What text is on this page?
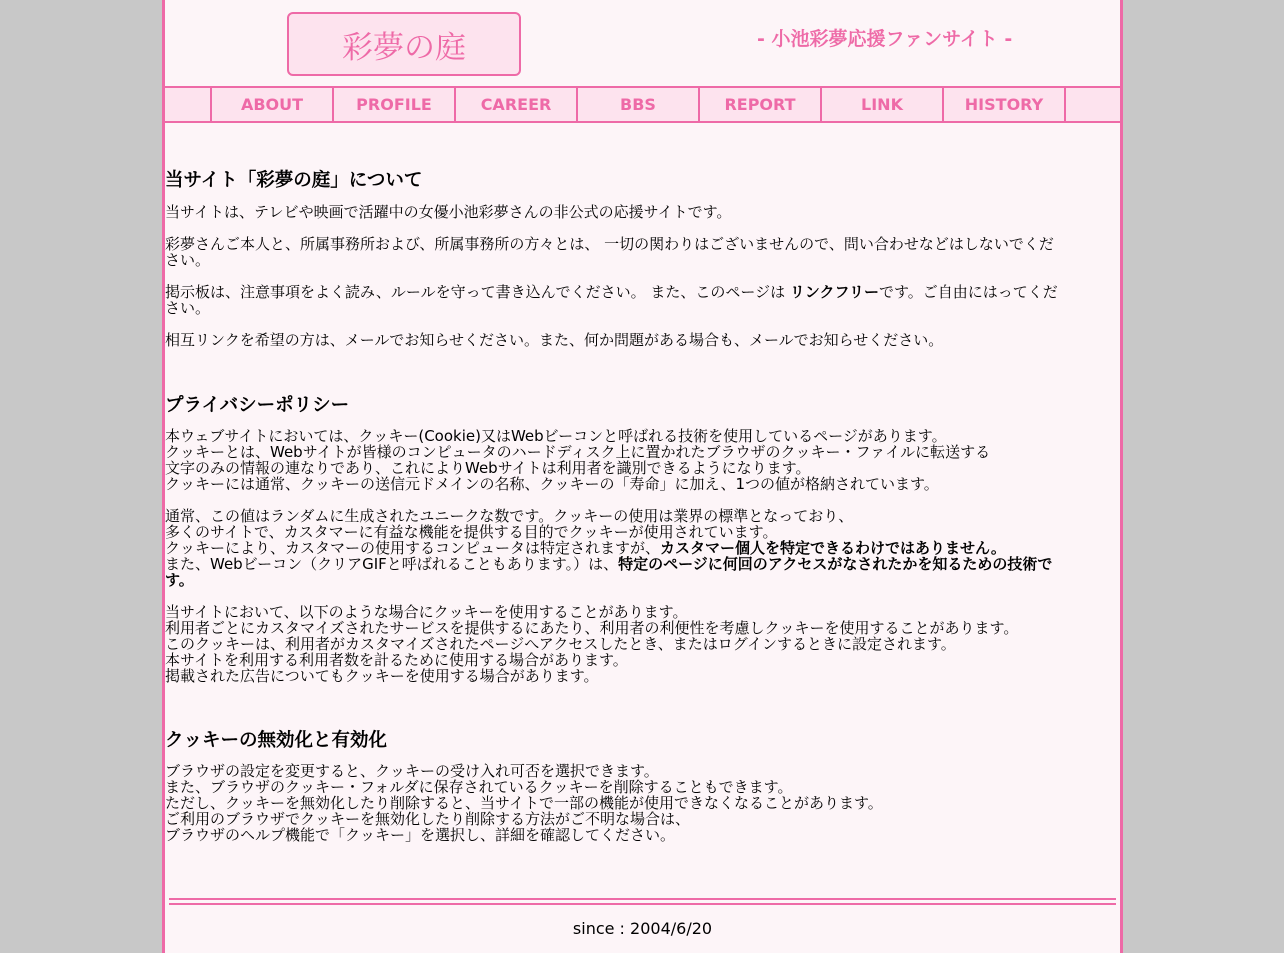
彩夢の庭	- 小池彩夢応援ファンサイト -
ABOUT	PROFILE	CAREER	BBS	REPORT	LINK	HISTORY
当サイト「彩夢の庭」について

当サイトは、テレビや映画で活躍中の女優小池彩夢さんの非公式の応援サイトです。

彩夢さんご本人と、所属事務所および、所属事務所の方々とは、 一切の関わりはございませんので、問い合わせなどはしないでくだ
さい。

掲示板は、注意事項をよく読み、ルールを守って書き込んでください。 また、このページは リンクフリーです。ご自由にはってくだ
さい。

相互リンクを希望の方は、メールでお知らせください。また、何か問題がある場合も、メールでお知らせください。

プライバシーポリシー

本ウェブサイトにおいては、クッキー(Cookie)又はWebビーコンと呼ばれる技術を使用しているページがあります。
クッキーとは、Webサイトが皆様のコンピュータのハードディスク上に置かれたブラウザのクッキー・ファイルに転送する
文字のみの情報の連なりであり、これによりWebサイトは利用者を識別できるようになります。
クッキーには通常、クッキーの送信元ドメインの名称、クッキーの「寿命」に加え、1つの値が格納されています。

通常、この値はランダムに生成されたユニークな数です。クッキーの使用は業界の標準となっており、
多くのサイトで、カスタマーに有益な機能を提供する目的でクッキーが使用されています。
クッキーにより、カスタマーの使用するコンピュータは特定されますが、カスタマー個人を特定できるわけではありません。
また、Webビーコン（クリアGIFと呼ばれることもあります。）は、特定のページに何回のアクセスがなされたかを知るための技術で
す。

当サイトにおいて、以下のような場合にクッキーを使用することがあります。
利用者ごとにカスタマイズされたサービスを提供するにあたり、利用者の利便性を考慮しクッキーを使用することがあります。
このクッキーは、利用者がカスタマイズされたページへアクセスしたとき、またはログインするときに設定されます。
本サイトを利用する利用者数を計るために使用する場合があります。
掲載された広告についてもクッキーを使用する場合があります。

クッキーの無効化と有効化

ブラウザの設定を変更すると、クッキーの受け入れ可否を選択できます。
また、ブラウザのクッキー・フォルダに保存されているクッキーを削除することもできます。
ただし、クッキーを無効化したり削除すると、当サイトで一部の機能が使用できなくなることがあります。
ご利用のブラウザでクッキーを無効化したり削除する方法がご不明な場合は、
ブラウザのヘルプ機能で「クッキー」を選択し、詳細を確認してください。

since : 2004/6/20
